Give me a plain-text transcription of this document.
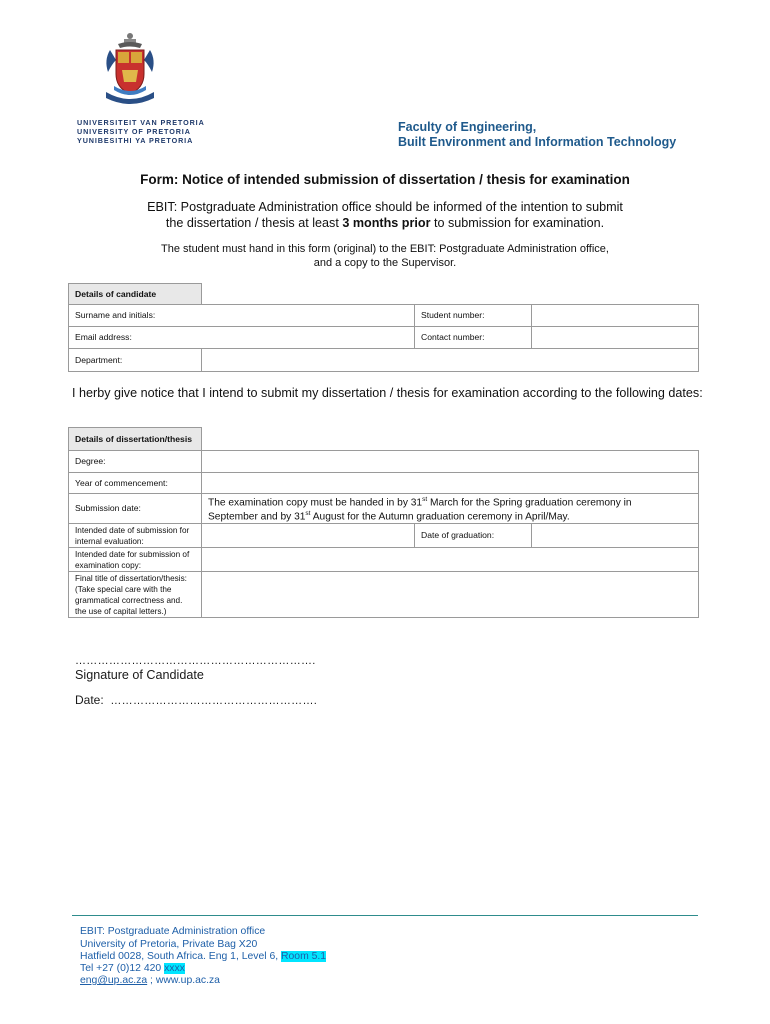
UNIVERSITEIT VAN PRETORIA
UNIVERSITY OF PRETORIA
YUNIBESITHI YA PRETORIA
Faculty of Engineering,
Built Environment and Information Technology
Form: Notice of intended submission of dissertation / thesis for examination
EBIT: Postgraduate Administration office should be informed of the intention to submit
the dissertation / thesis at least 3 months prior to submission for examination.
The student must hand in this form (original) to the EBIT: Postgraduate Administration office,
and a copy to the Supervisor.
Details of candidate			
Surname and initials:		Student number:	
Email address:		Contact number:	
Department:			
I herby give notice that I intend to submit my dissertation / thesis for examination according to the following dates:
Details of dissertation/thesis			
Degree:			
Year of commencement:			
Submission date:	The examination copy must be handed in by 31st March for the Spring graduation ceremony in
September and by 31st August for the Autumn graduation ceremony in April/May.		
Intended date of submission for
internal evaluation:		Date of graduation:	
Intended date for submission of
examination copy:			
Final title of dissertation/thesis:
(Take special care with the
grammatical correctness and.
the use of capital letters.)			
……………………………………………………….
Signature of Candidate
Date: ……………………………………………….
EBIT: Postgraduate Administration office
University of Pretoria, Private Bag X20
Hatfield 0028, South Africa. Eng 1, Level 6, Room 5.1
Tel +27 (0)12 420 xxxx
eng@up.ac.za ; www.up.ac.za
